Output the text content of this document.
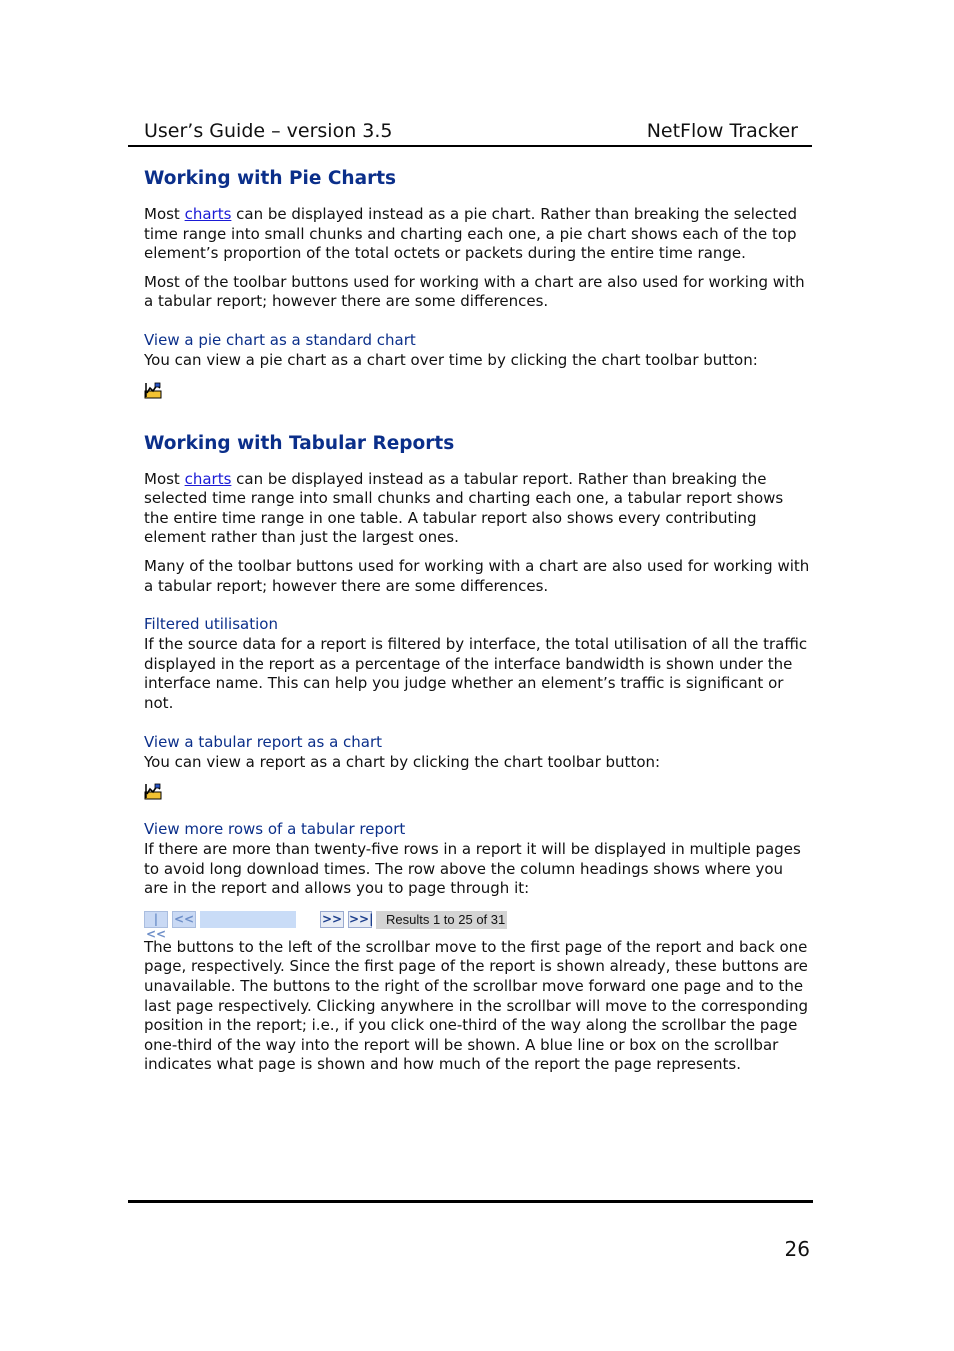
User’s Guide – version 3.5	NetFlow Tracker
Working with Pie Charts

Most charts can be displayed instead as a pie chart. Rather than breaking the selected time range into small chunks and charting each one, a pie chart shows each of the top element’s proportion of the total octets or packets during the entire time range.

Most of the toolbar buttons used for working with a chart are also used for working with a tabular report; however there are some differences.

View a pie chart as a standard chart

You can view a pie chart as a chart over time by clicking the chart toolbar button:

Working with Tabular Reports

Most charts can be displayed instead as a tabular report. Rather than breaking the selected time range into small chunks and charting each one, a tabular report shows the entire time range in one table. A tabular report also shows every contributing element rather than just the largest ones.

Many of the toolbar buttons used for working with a chart are also used for working with a tabular report; however there are some differences.

Filtered utilisation

If the source data for a report is filtered by interface, the total utilisation of all the traffic displayed in the report as a percentage of the interface bandwidth is shown under the interface name. This can help you judge whether an element’s traffic is significant or not.

View a tabular report as a chart

You can view a report as a chart by clicking the chart toolbar button:

View more rows of a tabular report

If there are more than twenty-five rows in a report it will be displayed in multiple pages to avoid long download times. The row above the column headings shows where you are in the report and allows you to page through it:

|<<
<<	>> >>| Results 1 to 25 of 31

The buttons to the left of the scrollbar move to the first page of the report and back one page, respectively. Since the first page of the report is shown already, these buttons are unavailable. The buttons to the right of the scrollbar move forward one page and to the last page respectively. Clicking anywhere in the scrollbar will move to the corresponding position in the report; i.e., if you click one-third of the way along the scrollbar the page one-third of the way into the report will be shown. A blue line or box on the scrollbar indicates what page is shown and how much of the report the page represents.

26
